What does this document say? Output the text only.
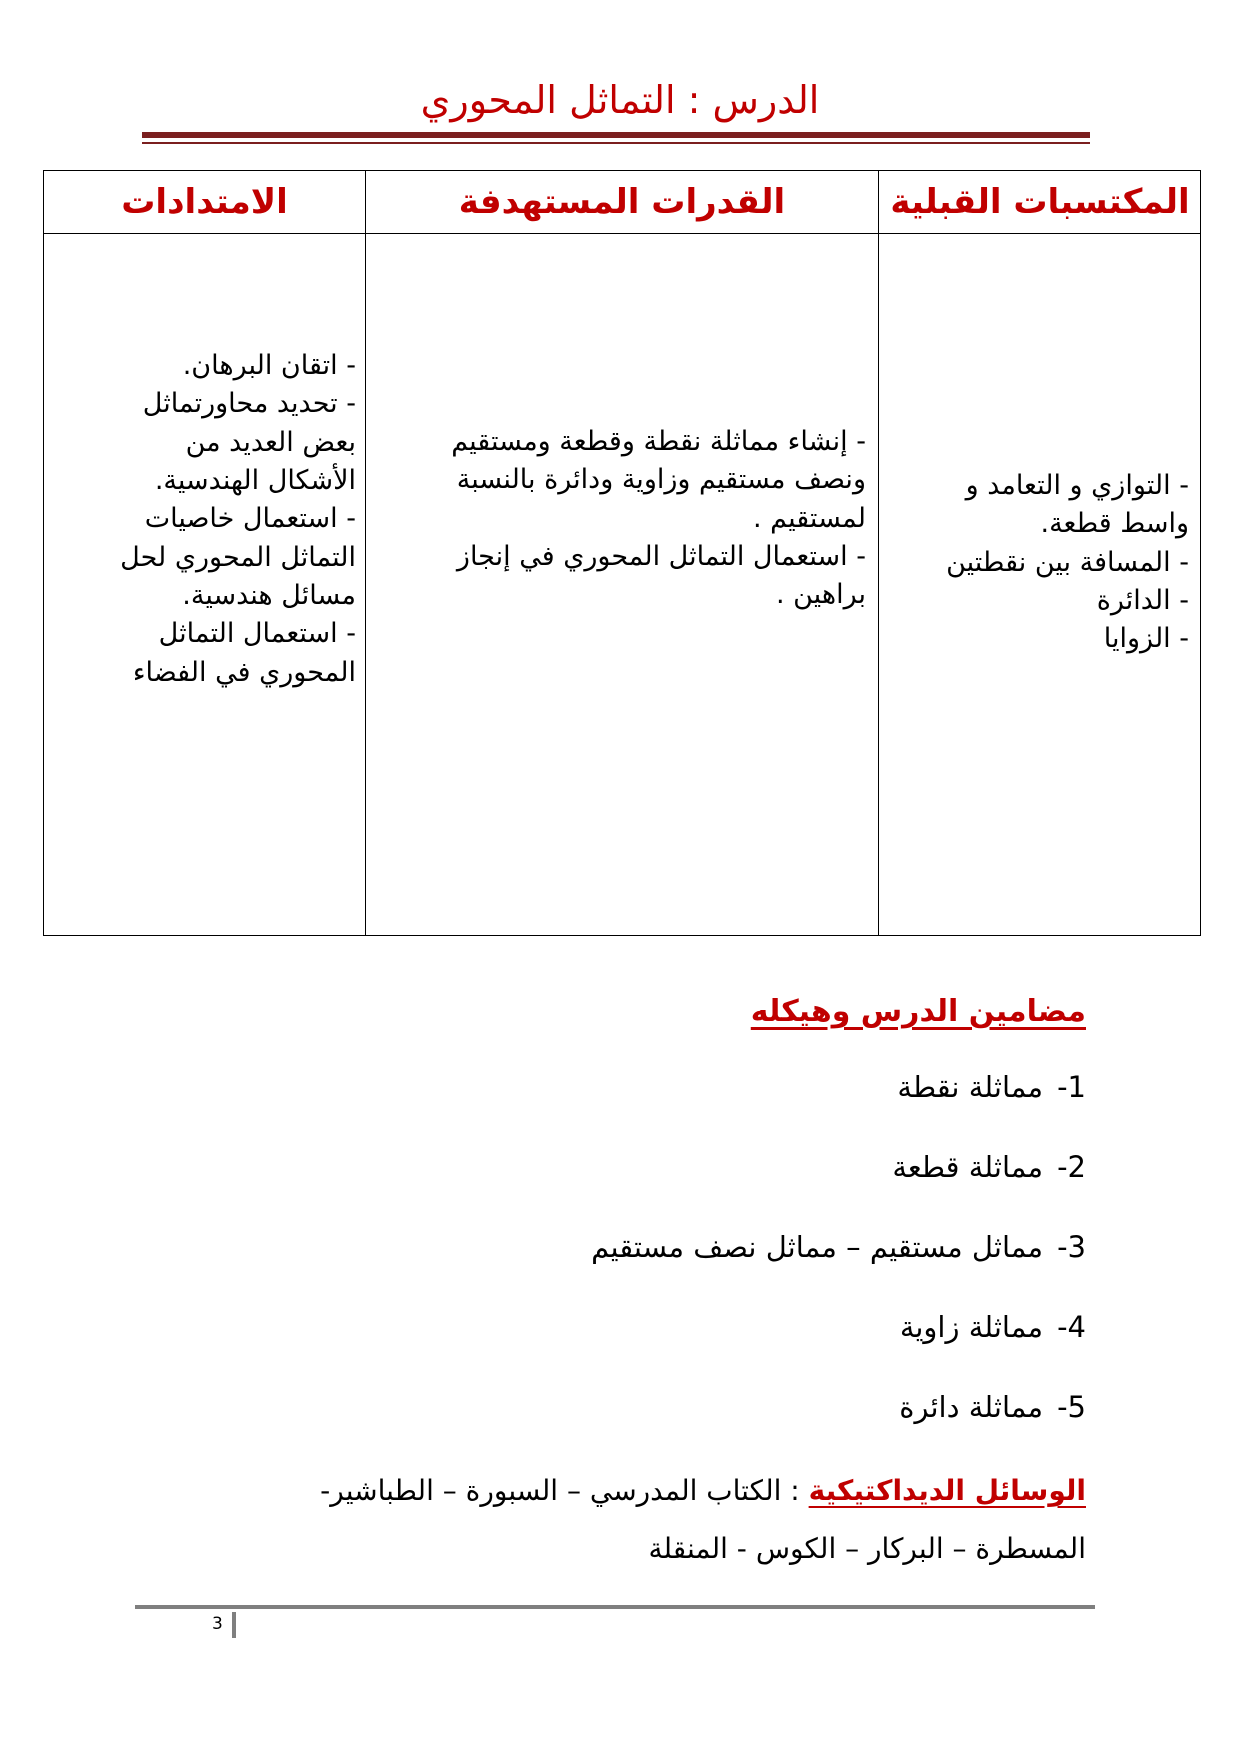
الدرس : التماثل المحوري
المكتسبات القبلية
القدرات المستهدفة
الامتدادات
- التوازي و التعامد و
واسط قطعة.
- المسافة بين نقطتين
- الدائرة
- الزوايا
- إنشاء مماثلة نقطة وقطعة ومستقيم
ونصف مستقيم وزاوية ودائرة بالنسبة
لمستقيم .
- استعمال التماثل المحوري في إنجاز
براهين .
- اتقان البرهان.
- تحديد محاورتماثل
بعض العديد من
الأشكال الهندسية.
- استعمال خاصيات
التماثل المحوري لحل
مسائل هندسية.
- استعمال التماثل
المحوري في الفضاء
مضامين الدرس وهيكله
1-مماثلة نقطة
2-مماثلة قطعة
3-مماثل مستقيم – مماثل نصف مستقيم
4-مماثلة زاوية
5-مماثلة دائرة
الوسائل الديداكتيكية : الكتاب المدرسي – السبورة – الطباشير-
المسطرة – البركار – الكوس - المنقلة
3
